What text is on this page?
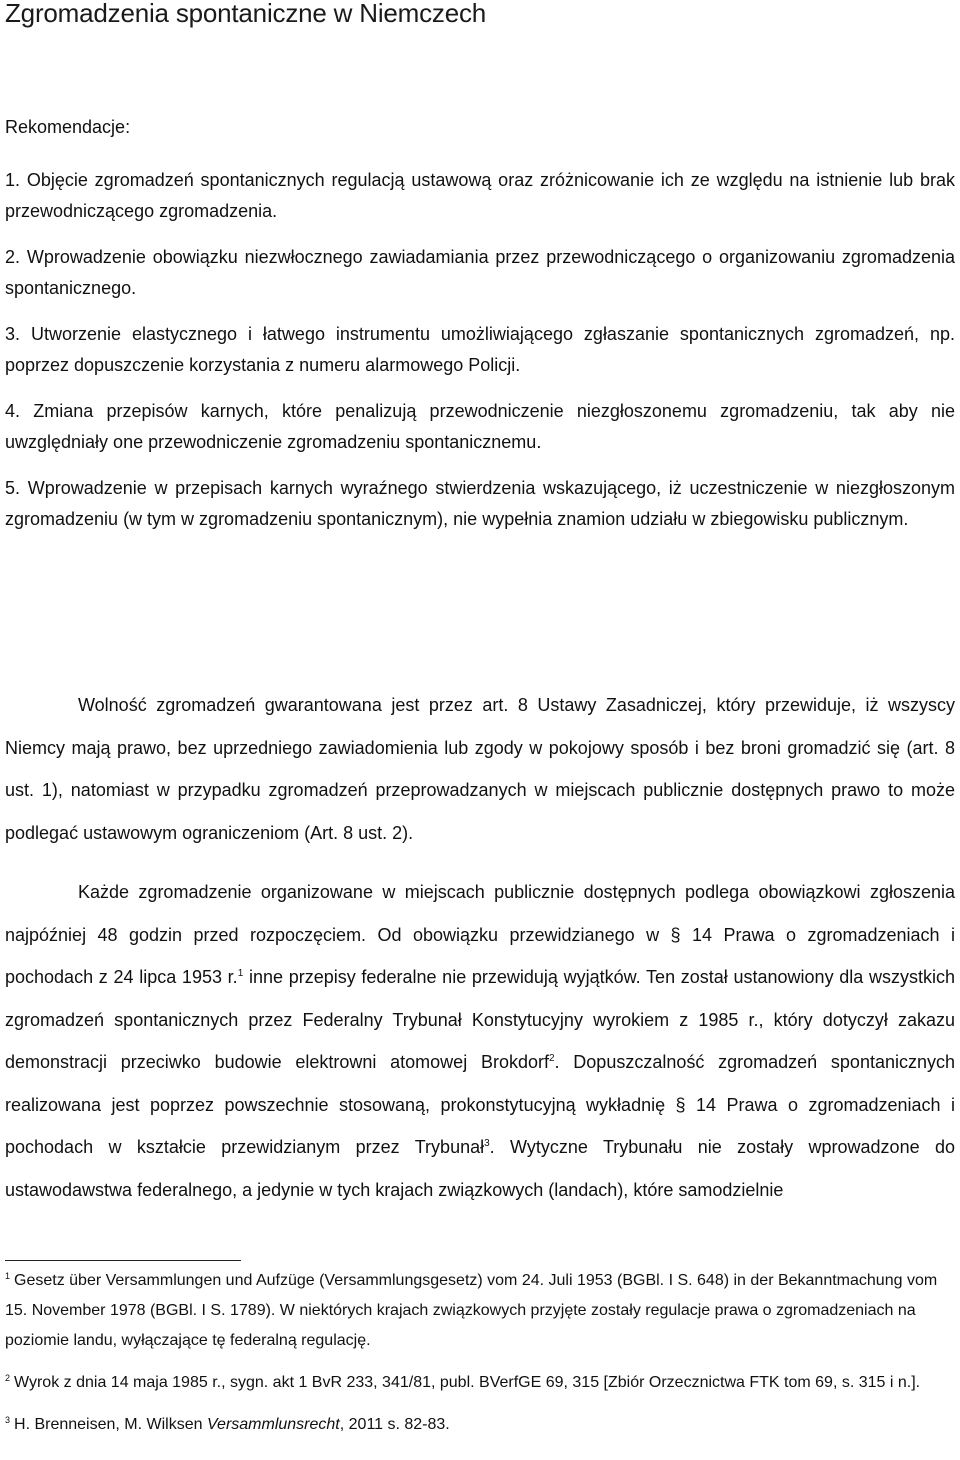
Zgromadzenia spontaniczne w Niemczech
Rekomendacje:

1. Objęcie zgromadzeń spontanicznych regulacją ustawową oraz zróżnicowanie ich ze względu na istnienie lub brak przewodniczącego zgromadzenia.

2. Wprowadzenie obowiązku niezwłocznego zawiadamiania przez przewodniczącego o organizowaniu zgromadzenia spontanicznego.

3. Utworzenie elastycznego i łatwego instrumentu umożliwiającego zgłaszanie spontanicznych zgromadzeń, np. poprzez dopuszczenie korzystania z numeru alarmowego Policji.

4. Zmiana przepisów karnych, które penalizują przewodniczenie niezgłoszonemu zgromadzeniu, tak aby nie uwzględniały one przewodniczenie zgromadzeniu spontanicznemu.

5. Wprowadzenie w przepisach karnych wyraźnego stwierdzenia wskazującego, iż uczestniczenie w niezgłoszonym zgromadzeniu (w tym w zgromadzeniu spontanicznym), nie wypełnia znamion udziału w zbiegowisku publicznym.

Wolność zgromadzeń gwarantowana jest przez art. 8 Ustawy Zasadniczej, który przewiduje, iż wszyscy Niemcy mają prawo, bez uprzedniego zawiadomienia lub zgody w pokojowy sposób i bez broni gromadzić się (art. 8 ust. 1), natomiast w przypadku zgromadzeń przeprowadzanych w miejscach publicznie dostępnych prawo to może podlegać ustawowym ograniczeniom (Art. 8 ust. 2).

Każde zgromadzenie organizowane w miejscach publicznie dostępnych podlega obowiązkowi zgłoszenia najpóźniej 48 godzin przed rozpoczęciem. Od obowiązku przewidzianego w § 14 Prawa o zgromadzeniach i pochodach z 24 lipca 1953 r.$^1$ inne przepisy federalne nie przewidują wyjątków. Ten został ustanowiony dla wszystkich zgromadzeń spontanicznych przez Federalny Trybunał Konstytucyjny wyrokiem z 1985 r., który dotyczył zakazu demonstracji przeciwko budowie elektrowni atomowej Brokdorf$^2$. Dopuszczalność zgromadzeń spontanicznych realizowana jest poprzez powszechnie stosowaną, prokonstytucyjną wykładnię § 14 Prawa o zgromadzeniach i pochodach w kształcie przewidzianym przez Trybunał$^3$. Wytyczne Trybunału nie zostały wprowadzone do ustawodawstwa federalnego, a jedynie w tych krajach związkowych (landach), które samodzielnie

$^1$ Gesetz über Versammlungen und Aufzüge (Versammlungsgesetz) vom 24. Juli 1953 (BGBl. I S. 648) in der Bekanntmachung vom 15. November 1978 (BGBl. I S. 1789). W niektórych krajach związkowych przyjęte zostały regulacje prawa o zgromadzeniach na poziomie landu, wyłączające tę federalną regulację.

$^2$ Wyrok z dnia 14 maja 1985 r., sygn. akt 1 BvR 233, 341/81, publ. BVerfGE 69, 315 [Zbiór Orzecznictwa FTK tom 69, s. 315 i n.].

$^3$ H. Brenneisen, M. Wilksen Versammlunsrecht, 2011 s. 82-83.
